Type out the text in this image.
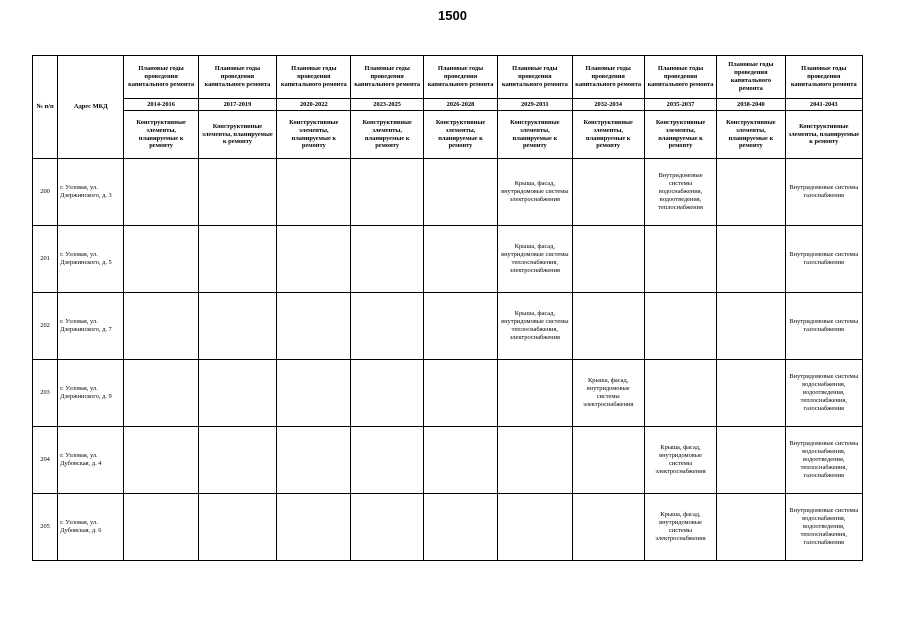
1500
№ п/п	Адрес МКД	Плановые годы проведения капитального ремонта	Плановые годы проведения капитального ремонта	Плановые годы проведения капитального ремонта	Плановые годы проведения капитального ремонта	Плановые годы проведения капитального ремонта	Плановые годы проведения капитального ремонта	Плановые годы проведения капитального ремонта	Плановые годы проведения капитального ремонта	Плановые годы проведения капитального ремонта	Плановые годы проведения капитального ремонта
		2014-2016	2017-2019	2020-2022	2023-2025	2026-2028	2029-2031	2032-2034	2035-2037	2038-2040	2041-2043
		Конструктивные элементы, планируемые к ремонту	Конструктивные элементы, планируемые к ремонту	Конструктивные элементы, планируемые к ремонту	Конструктивные элементы, планируемые к ремонту	Конструктивные элементы, планируемые к ремонту	Конструктивные элементы, планируемые к ремонту	Конструктивные элементы, планируемые к ремонту	Конструктивные элементы, планируемые к ремонту	Конструктивные элементы, планируемые к ремонту	Конструктивные элементы, планируемые к ремонту
200	г. Узловая, ул. Дзержинского, д. 3						Крыша, фасад, внутридомовые системы электроснабжения		Внутридомовые системы водоснабжения, водоотведения, теплоснабжения		Внутридомовые системы газоснабжения
201	г. Узловая, ул. Дзержинского, д. 5						Крыша, фасад, внутридомовые системы теплоснабжения, электроснабжения				Внутридомовые системы газоснабжения
202	г. Узловая, ул. Дзержинского, д. 7						Крыша, фасад, внутридомовые системы теплоснабжения, электроснабжения				Внутридомовые системы газоснабжения
203	г. Узловая, ул. Дзержинского, д. 9							Крыша, фасад, внутридомовые системы электроснабжения			Внутридомовые системы водоснабжения, водоотведения, теплоснабжения, газоснабжения
204	г. Узловая, ул. Дубовская, д. 4								Крыша, фасад, внутридомовые системы электроснабжения		Внутридомовые системы водоснабжения, водоотведения, теплоснабжения, газоснабжения
205	г. Узловая, ул. Дубовская, д. 6								Крыша, фасад, внутридомовые системы электроснабжения		Внутридомовые системы водоснабжения, водоотведения, теплоснабжения, газоснабжения
